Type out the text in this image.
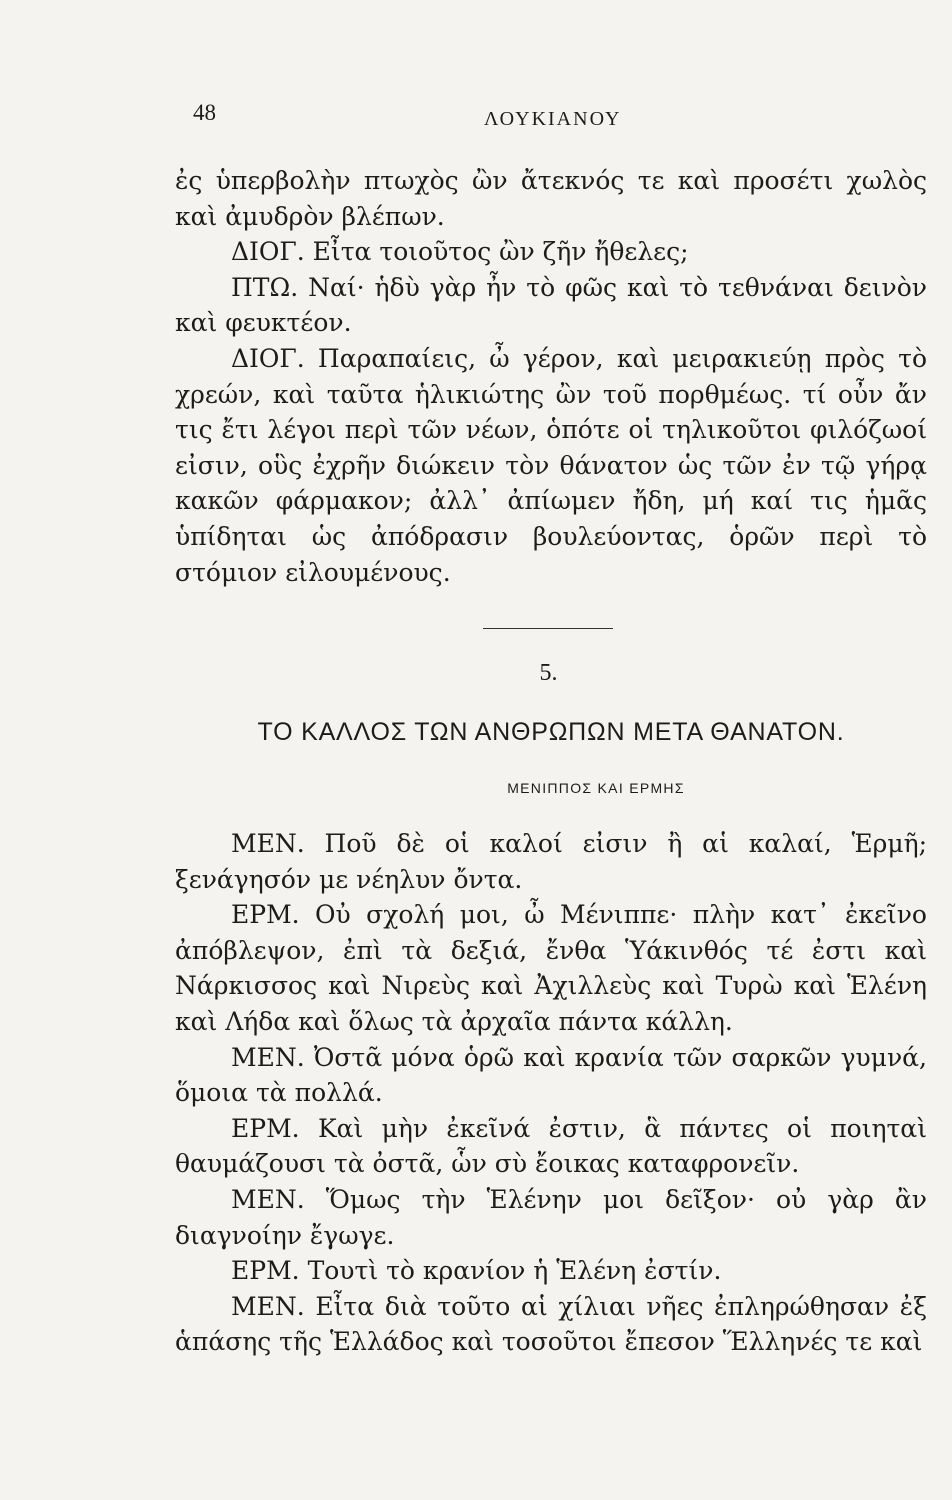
48	ΛΟΥΚΙΑΝΟΥ

ἐς ὑπερβολὴν πτωχὸς ὢν ἄτεκνός τε καὶ προσέτι χωλὸς καὶ ἀμυδρὸν βλέπων.

ΔΙΟΓ. Εἶτα τοιοῦτος ὢν ζῆν ἤθελες;

ΠΤΩ. Ναί· ἡδὺ γὰρ ἦν τὸ φῶς καὶ τὸ τεθνάναι δεινὸν καὶ φευκτέον.

ΔΙΟΓ. Παραπαίεις, ὦ γέρον, καὶ μειρακιεύῃ πρὸς τὸ χρεών, καὶ ταῦτα ἡλικιώτης ὢν τοῦ πορθμέως. τί οὖν ἄν τις ἔτι λέγοι περὶ τῶν νέων, ὁπότε οἱ τηλικοῦτοι φιλόζωοί εἰσιν, οὓς ἐχρῆν διώκειν τὸν θάνατον ὡς τῶν ἐν τῷ γήρᾳ κακῶν φάρμακον; ἀλλ᾽ ἀπίωμεν ἤδη, μή καί τις ἡμᾶς ὑπίδηται ὡς ἀπόδρασιν βουλεύοντας, ὁρῶν περὶ τὸ στόμιον εἰλουμένους.

5.
ΤΟ ΚΑΛΛΟΣ ΤΩΝ ΑΝΘΡΩΠΩΝ ΜΕΤΑ ΘΑΝΑΤΟΝ.
ΜΕΝΙΠΠΟΣ ΚΑΙ ΕΡΜΗΣ

ΜΕΝ. Ποῦ δὲ οἱ καλοί εἰσιν ἢ αἱ καλαί, Ἑρμῆ; ξενάγησόν με νέηλυν ὄντα.

ΕΡΜ. Οὐ σχολή μοι, ὦ Μένιππε· πλὴν κατ᾽ ἐκεῖνο ἀπόβλεψον, ἐπὶ τὰ δεξιά, ἔνθα Ὑάκινθός τέ ἐστι καὶ Νάρκισσος καὶ Νιρεὺς καὶ Ἀχιλλεὺς καὶ Τυρὼ καὶ Ἑλένη καὶ Λήδα καὶ ὅλως τὰ ἀρχαῖα πάντα κάλλη.

ΜΕΝ. Ὀστᾶ μόνα ὁρῶ καὶ κρανία τῶν σαρκῶν γυμνά, ὅμοια τὰ πολλά.

ΕΡΜ. Καὶ μὴν ἐκεῖνά ἐστιν, ἃ πάντες οἱ ποιηταὶ θαυμάζουσι τὰ ὀστᾶ, ὧν σὺ ἔοικας καταφρονεῖν.

ΜΕΝ. Ὅμως τὴν Ἑλένην μοι δεῖξον· οὐ γὰρ ἂν διαγνοίην ἔγωγε.

ΕΡΜ. Τουτὶ τὸ κρανίον ἡ Ἑλένη ἐστίν.

ΜΕΝ. Εἶτα διὰ τοῦτο αἱ χίλιαι νῆες ἐπληρώθησαν ἐξ ἁπάσης τῆς Ἑλλάδος καὶ τοσοῦτοι ἔπεσον Ἕλληνές τε καὶ
